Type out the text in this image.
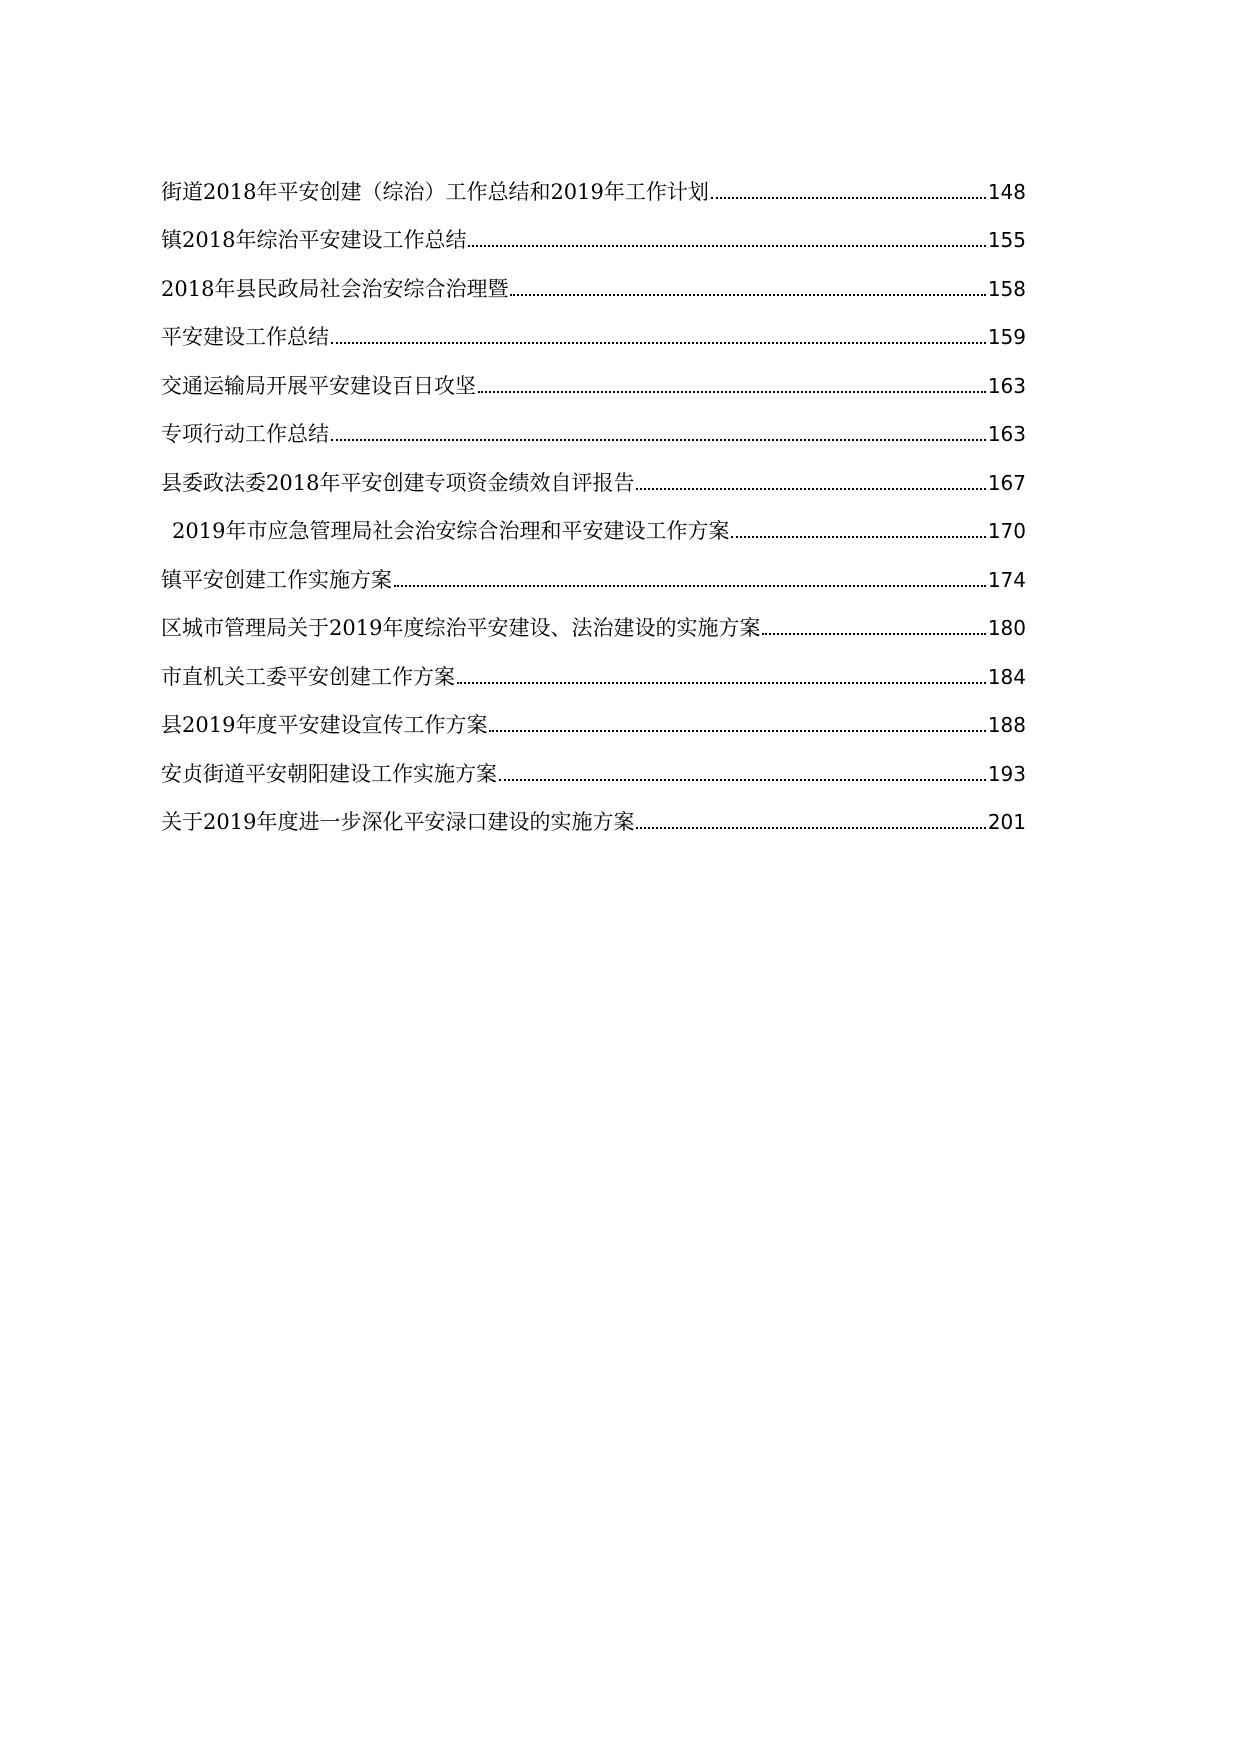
街道2018年平安创建（综治）工作总结和2019年工作计划	148
镇2018年综治平安建设工作总结	155
2018年县民政局社会治安综合治理暨	158
平安建设工作总结	159
交通运输局开展平安建设百日攻坚	163
专项行动工作总结	163
县委政法委2018年平安创建专项资金绩效自评报告	167
2019年市应急管理局社会治安综合治理和平安建设工作方案	170
镇平安创建工作实施方案	174
区城市管理局关于2019年度综治平安建设、法治建设的实施方案	180
市直机关工委平安创建工作方案	184
县2019年度平安建设宣传工作方案	188
安贞街道平安朝阳建设工作实施方案	193
关于2019年度进一步深化平安渌口建设的实施方案	201
